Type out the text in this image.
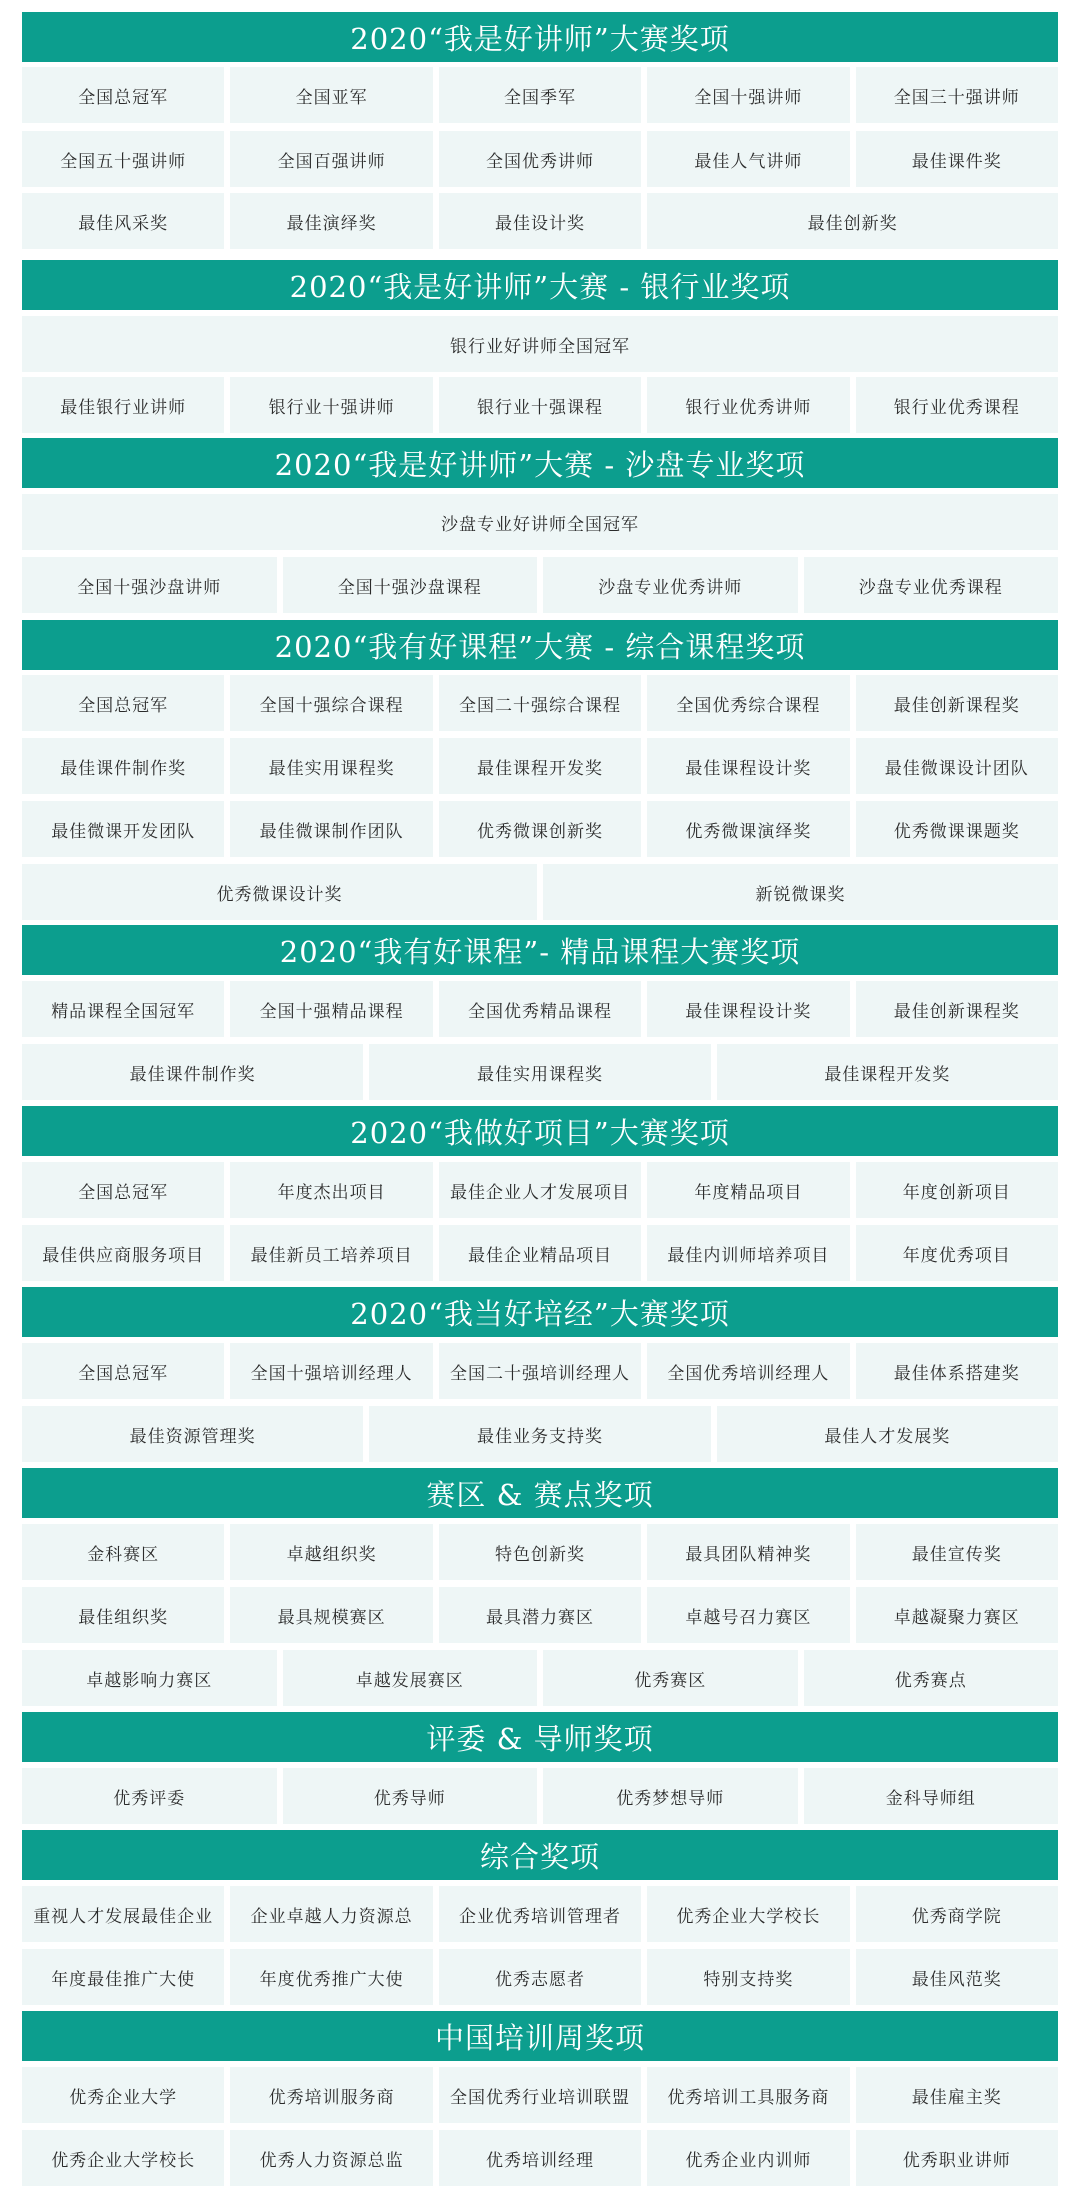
2020“我是好讲师”大赛奖项
全国总冠军	全国亚军	全国季军	全国十强讲师	全国三十强讲师
全国五十强讲师	全国百强讲师	全国优秀讲师	最佳人气讲师	最佳课件奖
最佳风采奖	最佳演绎奖	最佳设计奖	最佳创新奖
2020“我是好讲师”大赛 - 银行业奖项
银行业好讲师全国冠军
最佳银行业讲师	银行业十强讲师	银行业十强课程	银行业优秀讲师	银行业优秀课程
2020“我是好讲师”大赛 - 沙盘专业奖项
沙盘专业好讲师全国冠军
全国十强沙盘讲师	全国十强沙盘课程	沙盘专业优秀讲师	沙盘专业优秀课程
2020“我有好课程”大赛 - 综合课程奖项
全国总冠军	全国十强综合课程	全国二十强综合课程	全国优秀综合课程	最佳创新课程奖
最佳课件制作奖	最佳实用课程奖	最佳课程开发奖	最佳课程设计奖	最佳微课设计团队
最佳微课开发团队	最佳微课制作团队	优秀微课创新奖	优秀微课演绎奖	优秀微课课题奖
优秀微课设计奖	新锐微课奖
2020“我有好课程”- 精品课程大赛奖项
精品课程全国冠军	全国十强精品课程	全国优秀精品课程	最佳课程设计奖	最佳创新课程奖
最佳课件制作奖	最佳实用课程奖	最佳课程开发奖
2020“我做好项目”大赛奖项
全国总冠军	年度杰出项目	最佳企业人才发展项目	年度精品项目	年度创新项目
最佳供应商服务项目	最佳新员工培养项目	最佳企业精品项目	最佳内训师培养项目	年度优秀项目
2020“我当好培经”大赛奖项
全国总冠军	全国十强培训经理人	全国二十强培训经理人	全国优秀培训经理人	最佳体系搭建奖
最佳资源管理奖	最佳业务支持奖	最佳人才发展奖
赛区 & 赛点奖项
金科赛区	卓越组织奖	特色创新奖	最具团队精神奖	最佳宣传奖
最佳组织奖	最具规模赛区	最具潜力赛区	卓越号召力赛区	卓越凝聚力赛区
卓越影响力赛区	卓越发展赛区	优秀赛区	优秀赛点
评委 & 导师奖项
优秀评委	优秀导师	优秀梦想导师	金科导师组
综合奖项
重视人才发展最佳企业	企业卓越人力资源总	企业优秀培训管理者	优秀企业大学校长	优秀商学院
年度最佳推广大使	年度优秀推广大使	优秀志愿者	特别支持奖	最佳风范奖
中国培训周奖项
优秀企业大学	优秀培训服务商	全国优秀行业培训联盟	优秀培训工具服务商	最佳雇主奖
优秀企业大学校长	优秀人力资源总监	优秀培训经理	优秀企业内训师	优秀职业讲师
